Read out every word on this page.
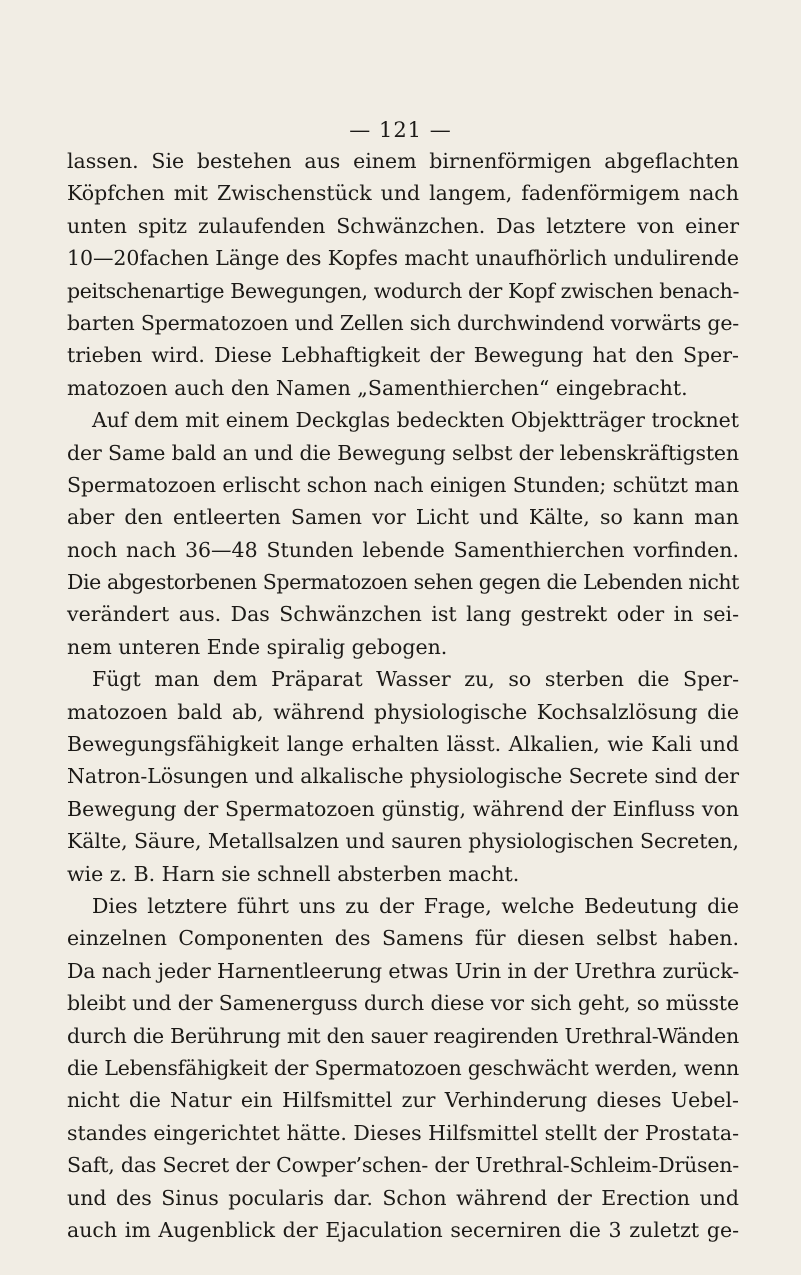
— 121 —
lassen. Sie bestehen aus einem birnenförmigen abgeflachten
Köpfchen mit Zwischenstück und langem, fadenförmigem nach
unten spitz zulaufenden Schwänzchen. Das letztere von einer
10—20fachen Länge des Kopfes macht unaufhörlich undulirende
peitschenartige Bewegungen, wodurch der Kopf zwischen benach-
barten Spermatozoen und Zellen sich durchwindend vorwärts ge-
trieben wird. Diese Lebhaftigkeit der Bewegung hat den Sper-
matozoen auch den Namen „Samenthierchen“ eingebracht.
Auf dem mit einem Deckglas bedeckten Objektträger trocknet
der Same bald an und die Bewegung selbst der lebenskräftigsten
Spermatozoen erlischt schon nach einigen Stunden; schützt man
aber den entleerten Samen vor Licht und Kälte, so kann man
noch nach 36—48 Stunden lebende Samenthierchen vorfinden.
Die abgestorbenen Spermatozoen sehen gegen die Lebenden nicht
verändert aus. Das Schwänzchen ist lang gestrekt oder in sei-
nem unteren Ende spiralig gebogen.
Fügt man dem Präparat Wasser zu, so sterben die Sper-
matozoen bald ab, während physiologische Kochsalzlösung die
Bewegungsfähigkeit lange erhalten lässt. Alkalien, wie Kali und
Natron-Lösungen und alkalische physiologische Secrete sind der
Bewegung der Spermatozoen günstig, während der Einfluss von
Kälte, Säure, Metallsalzen und sauren physiologischen Secreten,
wie z. B. Harn sie schnell absterben macht.
Dies letztere führt uns zu der Frage, welche Bedeutung die
einzelnen Componenten des Samens für diesen selbst haben.
Da nach jeder Harnentleerung etwas Urin in der Urethra zurück-
bleibt und der Samenerguss durch diese vor sich geht, so müsste
durch die Berührung mit den sauer reagirenden Urethral-Wänden
die Lebensfähigkeit der Spermatozoen geschwächt werden, wenn
nicht die Natur ein Hilfsmittel zur Verhinderung dieses Uebel-
standes eingerichtet hätte. Dieses Hilfsmittel stellt der Prostata-
Saft, das Secret der Cowper’schen- der Urethral-Schleim-Drüsen-
und des Sinus pocularis dar. Schon während der Erection und
auch im Augenblick der Ejaculation secerniren die 3 zuletzt ge-
